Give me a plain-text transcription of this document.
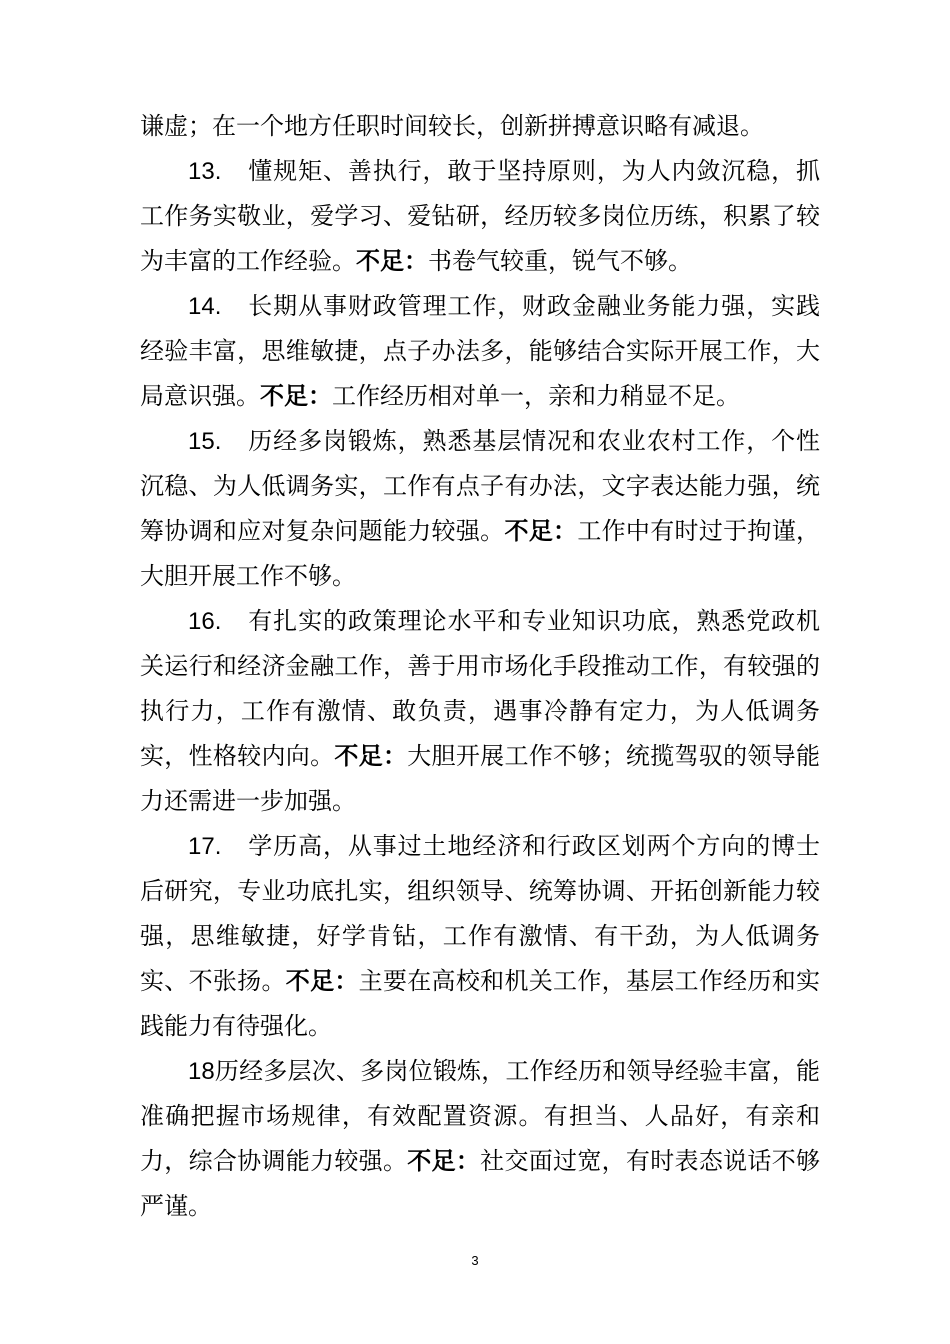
谦虚；在一个地方任职时间较长，创新拼搏意识略有减退。

13. 懂规矩、善执行，敢于坚持原则，为人内敛沉稳，抓工作务实敬业，爱学习、爱钻研，经历较多岗位历练，积累了较为丰富的工作经验。不足：书卷气较重，锐气不够。

14. 长期从事财政管理工作，财政金融业务能力强，实践经验丰富，思维敏捷，点子办法多，能够结合实际开展工作，大局意识强。不足：工作经历相对单一，亲和力稍显不足。

15. 历经多岗锻炼，熟悉基层情况和农业农村工作，个性沉稳、为人低调务实，工作有点子有办法，文字表达能力强，统筹协调和应对复杂问题能力较强。不足：工作中有时过于拘谨，大胆开展工作不够。

16. 有扎实的政策理论水平和专业知识功底，熟悉党政机关运行和经济金融工作，善于用市场化手段推动工作，有较强的执行力，工作有激情、敢负责，遇事冷静有定力，为人低调务实，性格较内向。不足：大胆开展工作不够；统揽驾驭的领导能力还需进一步加强。

17. 学历高，从事过土地经济和行政区划两个方向的博士后研究，专业功底扎实，组织领导、统筹协调、开拓创新能力较强，思维敏捷，好学肯钻，工作有激情、有干劲，为人低调务实、不张扬。不足：主要在高校和机关工作，基层工作经历和实践能力有待强化。

18历经多层次、多岗位锻炼，工作经历和领导经验丰富，能准确把握市场规律，有效配置资源。有担当、人品好，有亲和力，综合协调能力较强。不足：社交面过宽，有时表态说话不够严谨。

3
